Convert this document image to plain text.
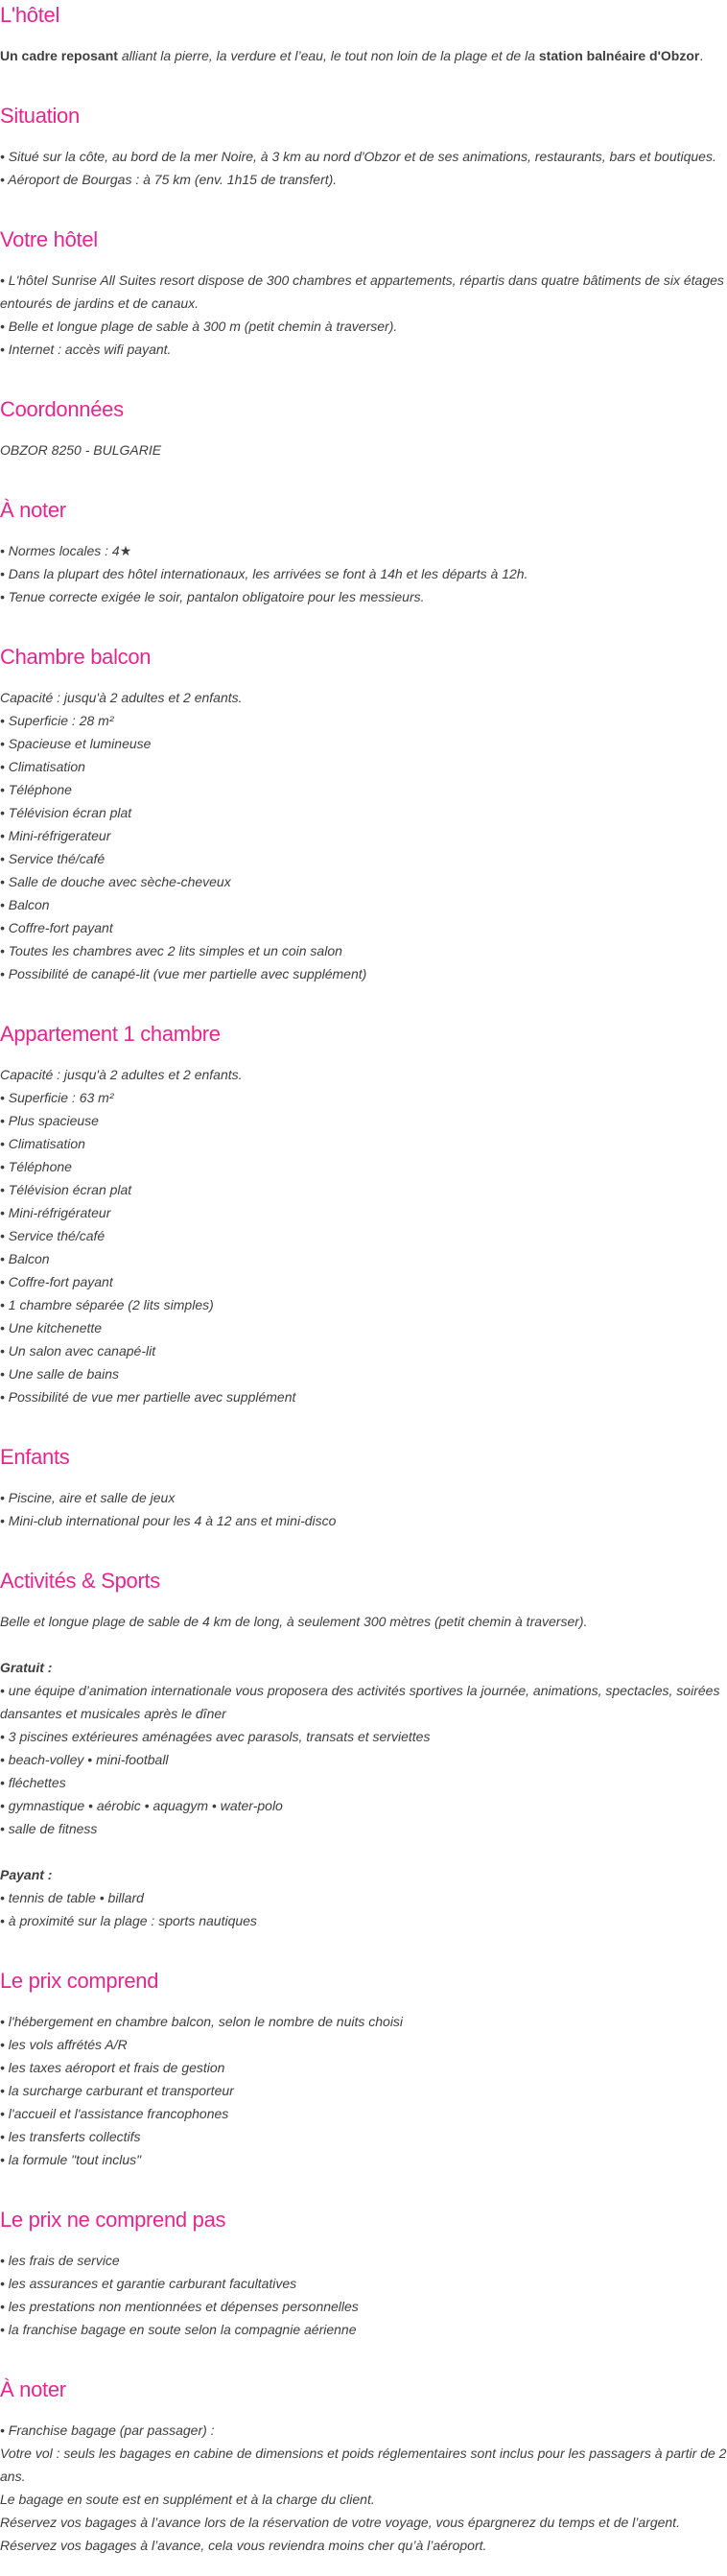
L'hôtel
Un cadre reposant alliant la pierre, la verdure et l’eau, le tout non loin de la plage et de la station balnéaire d'Obzor.
Situation
• Situé sur la côte, au bord de la mer Noire, à 3 km au nord d'Obzor et de ses animations, restaurants, bars et boutiques.
• Aéroport de Bourgas : à 75 km (env. 1h15 de transfert).
Votre hôtel
• L'hôtel Sunrise All Suites resort dispose de 300 chambres et appartements, répartis dans quatre bâtiments de six étages entourés de jardins et de canaux.
• Belle et longue plage de sable à 300 m (petit chemin à traverser).
• Internet : accès wifi payant.
Coordonnées
OBZOR 8250 - BULGARIE
À noter
• Normes locales : 4★
• Dans la plupart des hôtel internationaux, les arrivées se font à 14h et les départs à 12h.
• Tenue correcte exigée le soir, pantalon obligatoire pour les messieurs.
Chambre balcon
Capacité : jusqu'à 2 adultes et 2 enfants.
• Superficie : 28 m²
• Spacieuse et lumineuse
• Climatisation
• Téléphone
• Télévision écran plat
• Mini-réfrigerateur
• Service thé/café
• Salle de douche avec sèche-cheveux
• Balcon
• Coffre-fort payant
• Toutes les chambres avec 2 lits simples et un coin salon
• Possibilité de canapé-lit (vue mer partielle avec supplément)
Appartement 1 chambre
Capacité : jusqu'à 2 adultes et 2 enfants.
• Superficie : 63 m²
• Plus spacieuse
• Climatisation
• Téléphone
• Télévision écran plat
• Mini-réfrigérateur
• Service thé/café
• Balcon
• Coffre-fort payant
• 1 chambre séparée (2 lits simples)
• Une kitchenette
• Un salon avec canapé-lit
• Une salle de bains
• Possibilité de vue mer partielle avec supplément
Enfants
• Piscine, aire et salle de jeux
• Mini-club international pour les 4 à 12 ans et mini-disco
Activités & Sports
Belle et longue plage de sable de 4 km de long, à seulement 300 mètres (petit chemin à traverser).
Gratuit :
• une équipe d’animation internationale vous proposera des activités sportives la journée, animations, spectacles, soirées dansantes et musicales après le dîner
• 3 piscines extérieures aménagées avec parasols, transats et serviettes
• beach-volley • mini-football
• fléchettes
• gymnastique • aérobic • aquagym • water-polo
• salle de fitness
Payant :
• tennis de table • billard
• à proximité sur la plage : sports nautiques
Le prix comprend
• l'hébergement en chambre balcon, selon le nombre de nuits choisi
• les vols affrétés A/R
• les taxes aéroport et frais de gestion
• la surcharge carburant et transporteur
• l'accueil et l'assistance francophones
• les transferts collectifs
• la formule "tout inclus"
Le prix ne comprend pas
• les frais de service
• les assurances et garantie carburant facultatives
• les prestations non mentionnées et dépenses personnelles
• la franchise bagage en soute selon la compagnie aérienne
À noter
• Franchise bagage (par passager) :
Votre vol : seuls les bagages en cabine de dimensions et poids réglementaires sont inclus pour les passagers à partir de 2 ans.
Le bagage en soute est en supplément et à la charge du client.
Réservez vos bagages à l’avance lors de la réservation de votre voyage, vous épargnerez du temps et de l’argent.
Réservez vos bagages à l’avance, cela vous reviendra moins cher qu’à l’aéroport.
